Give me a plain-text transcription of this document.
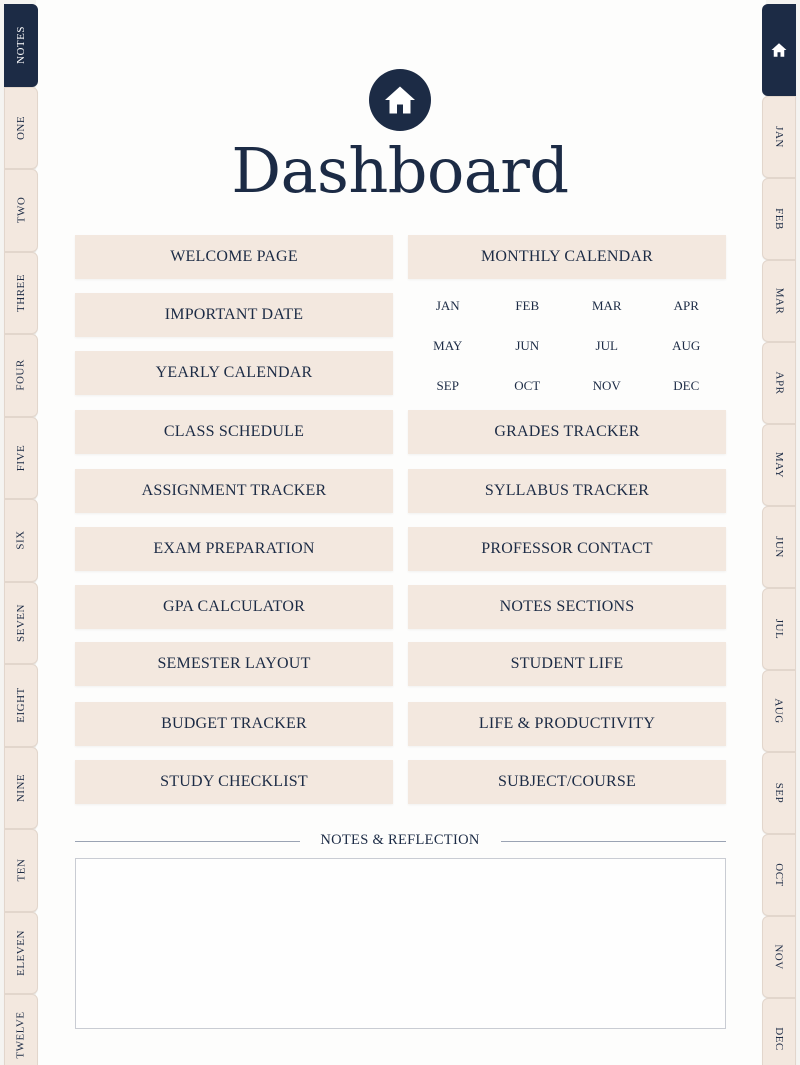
NOTES
ONE
TWO
THREE
FOUR
FIVE
SIX
SEVEN
EIGHT
NINE
TEN
ELEVEN
TWELVE
JAN
FEB
MAR
APR
MAY
JUN
JUL
AUG
SEP
OCT
NOV
DEC
Dashboard
WELCOME PAGE
IMPORTANT DATE
YEARLY CALENDAR
CLASS SCHEDULE
ASSIGNMENT TRACKER
EXAM PREPARATION
GPA CALCULATOR
SEMESTER LAYOUT
BUDGET TRACKER
STUDY CHECKLIST
MONTHLY CALENDAR
JAN	FEB	MAR	APR
MAY	JUN	JUL	AUG
SEP	OCT	NOV	DEC
GRADES TRACKER
SYLLABUS TRACKER
PROFESSOR CONTACT
NOTES SECTIONS
STUDENT LIFE
LIFE & PRODUCTIVITY
SUBJECT/COURSE
NOTES & REFLECTION
